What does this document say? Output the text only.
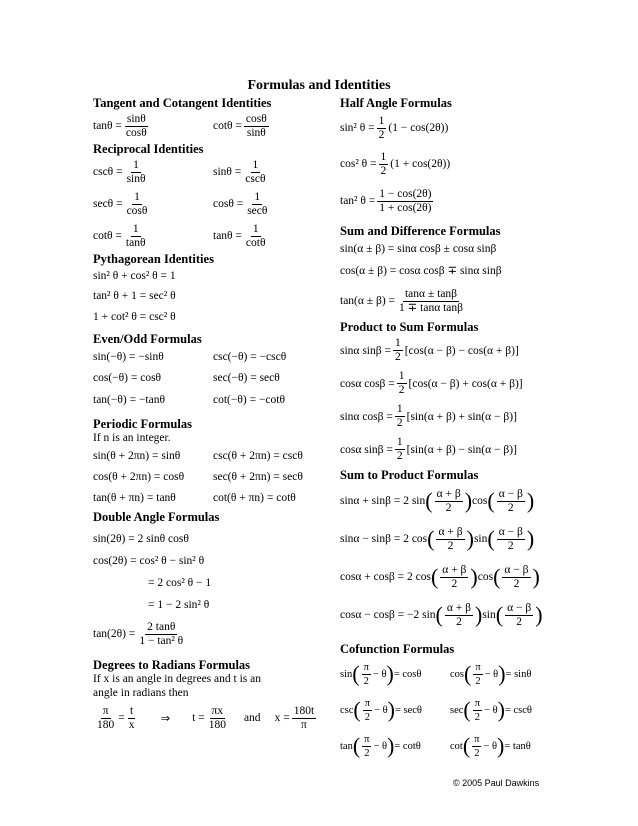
Formulas and Identities
Tangent and Cotangent Identities
$\tan\theta = \frac{\sin\theta}{\cos\theta}$	$\cot\theta = \frac{\cos\theta}{\sin\theta}$
Reciprocal Identities
$\csc\theta = \frac{1}{\sin\theta}$	$\sin\theta = \frac{1}{\csc\theta}$
$\sec\theta = \frac{1}{\cos\theta}$	$\cos\theta = \frac{1}{\sec\theta}$
$\cot\theta = \frac{1}{\tan\theta}$	$\tan\theta = \frac{1}{\cot\theta}$
Pythagorean Identities
sin² θ + cos² θ = 1
tan² θ + 1 = sec² θ
1 + cot² θ = csc² θ
Even/Odd Formulas
sin(−θ) = −sinθ	csc(−θ) = −cscθ
cos(−θ) = cosθ	sec(−θ) = secθ
tan(−θ) = −tanθ	cot(−θ) = −cotθ
Periodic Formulas
If n is an integer.
sin(θ + 2πn) = sinθ	csc(θ + 2πn) = cscθ
cos(θ + 2πn) = cosθ	sec(θ + 2πn) = secθ
tan(θ + πn) = tanθ	cot(θ + πn) = cotθ
Double Angle Formulas
sin(2θ) = 2 sinθ cosθ
cos(2θ) = cos² θ − sin² θ
= 2 cos² θ − 1
= 1 − 2 sin² θ
$\tan(2\theta) = \frac{2 \tan\theta}{\text{1 − tan² θ}}$
Degrees to Radians Formulas
If x is an angle in degrees and t is an
angle in radians then
$\frac{\pi}{180} = \frac{t}{x}$ ⇒ $t = \frac{\pi x}{180}$ and $x = \frac{180t}{\pi}$
Half Angle Formulas
sin² $\theta = \frac{1}{2} (1 - \cos(2\theta))$
cos² $\theta = \frac{1}{2} (1 + \cos(2\theta))$
tan² $\theta = \frac{1 - \cos(2\theta)}{1 + \cos(2\theta)}$
Sum and Difference Formulas
sin(α ± β) = sinα cosβ ± cosα sinβ
cos(α ± β) = cosα cosβ ∓ sinα sinβ
$\tan(\alpha \pm \beta) = \frac{\tan\alpha \pm \tan\beta}{\text{1 ∓ tanα tanβ}}$
Product to Sum Formulas
sinα $\sin\beta = \frac{1}{2} [\cos(\alpha - \beta) - \cos(\alpha + \beta)]$
cosα $\cos\beta = \frac{1}{2} [\cos(\alpha - \beta) + \cos(\alpha + \beta)]$
sinα $\cos\beta = \frac{1}{2} [\sin(\alpha + \beta) + \sin(\alpha - \beta)]$
cosα $\sin\beta = \frac{1}{2} [\sin(\alpha + \beta) - \sin(\alpha - \beta)]$
Sum to Product Formulas
sinα + sinβ = 2 sin ( $\frac{\alpha + \beta}{2}$ ) cos ( $\frac{\alpha - \beta}{2}$ )
sinα − sinβ = 2 cos ( $\frac{\alpha + \beta}{2}$ ) sin ( $\frac{\alpha - \beta}{2}$ )
cosα + cosβ = 2 cos ( $\frac{\alpha + \beta}{2}$ ) cos ( $\frac{\alpha - \beta}{2}$ )
cosα − cosβ = −2 sin ( $\frac{\alpha + \beta}{2}$ ) sin ( $\frac{\alpha - \beta}{2}$ )
Cofunction Formulas
sin ( $\frac{\pi}{2} - \theta$ ) = cosθ	cos ( $\frac{\pi}{2} - \theta$ ) = sinθ
csc ( $\frac{\pi}{2} - \theta$ ) = secθ	sec ( $\frac{\pi}{2} - \theta$ ) = cscθ
tan ( $\frac{\pi}{2} - \theta$ ) = cotθ	cot ( $\frac{\pi}{2} - \theta$ ) = tanθ
© 2005 Paul Dawkins
